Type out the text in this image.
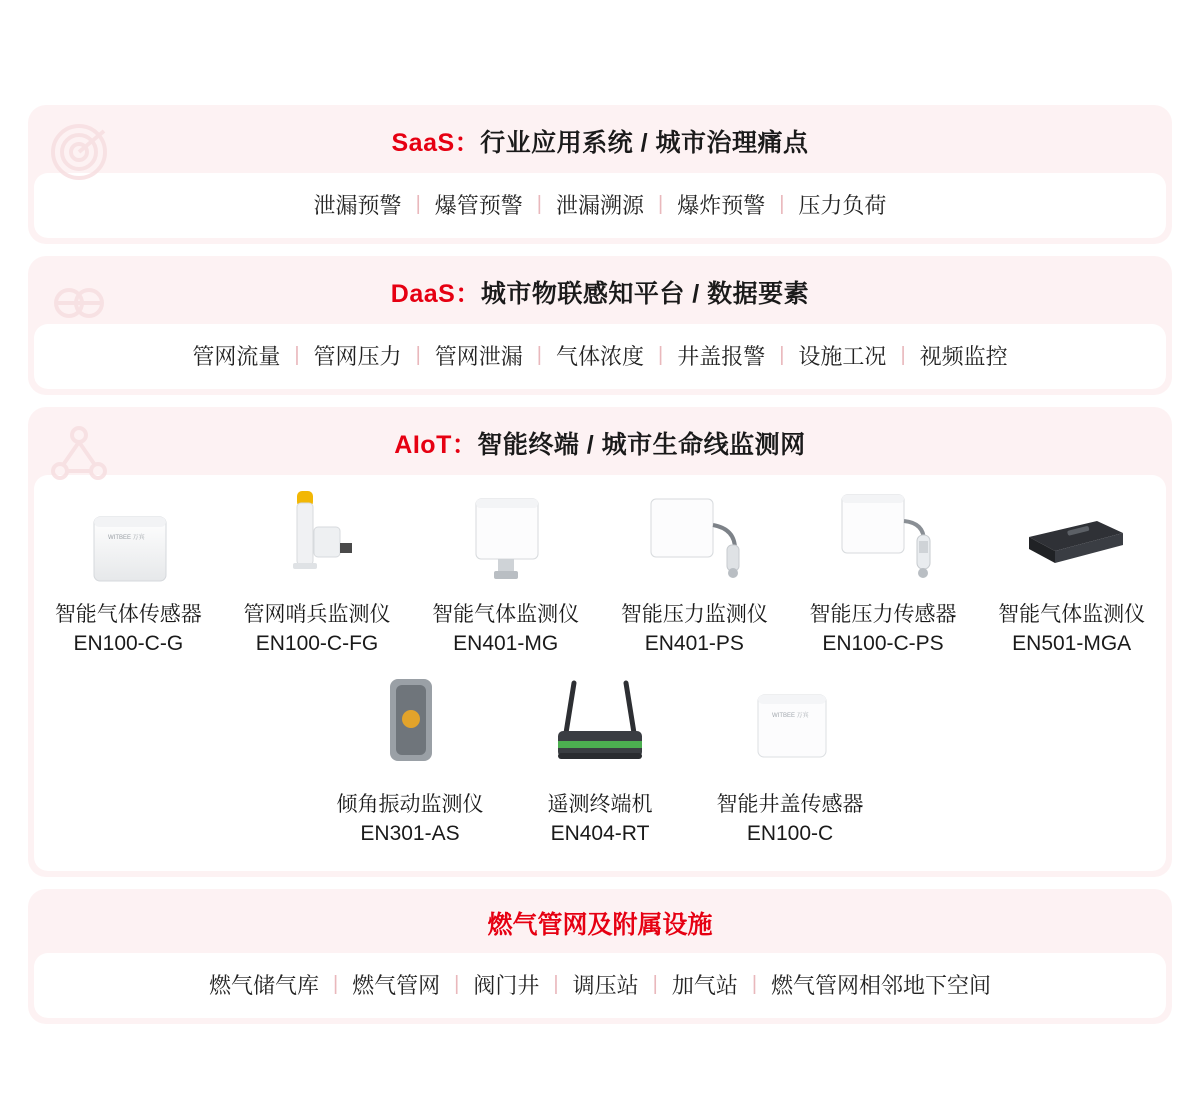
SaaS：行业应用系统 / 城市治理痛点
泄漏预警 | 爆管预警 | 泄漏溯源 | 爆炸预警 | 压力负荷
DaaS：城市物联感知平台 / 数据要素
管网流量 | 管网压力 | 管网泄漏 | 气体浓度 | 井盖报警 | 设施工况 | 视频监控
AIoT：智能终端 / 城市生命线监测网
WITBEE 万宾
智能气体传感器
EN100-C-G
管网哨兵监测仪
EN100-C-FG
智能气体监测仪
EN401-MG
智能压力监测仪
EN401-PS
智能压力传感器
EN100-C-PS
智能气体监测仪
EN501-MGA
倾角振动监测仪
EN301-AS
遥测终端机
EN404-RT
WITBEE 万宾
智能井盖传感器
EN100-C
燃气管网及附属设施
燃气储气库 | 燃气管网 | 阀门井 | 调压站 | 加气站 | 燃气管网相邻地下空间
